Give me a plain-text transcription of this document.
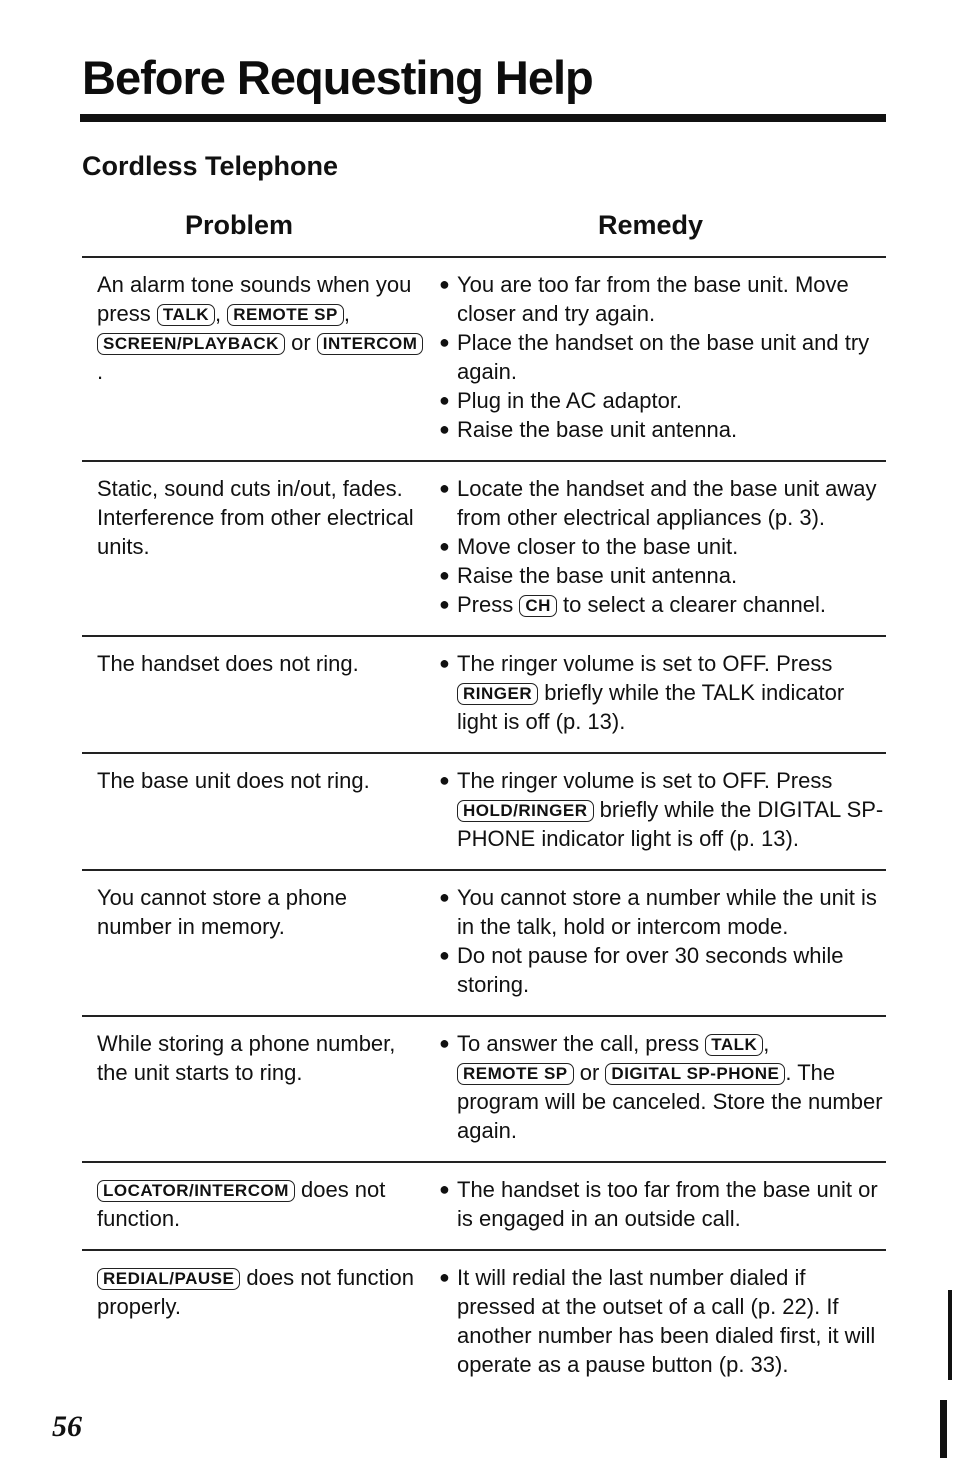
Before Requesting Help
Cordless Telephone
Problem	Remedy
An alarm tone sounds when you press TALK , REMOTE SP , SCREEN/PLAYBACK or INTERCOM.
● You are too far from the base unit. Move closer and try again.
● Place the handset on the base unit and try again.
● Plug in the AC adaptor.
● Raise the base unit antenna.
Static, sound cuts in/out, fades. Interference from other electrical units.
● Locate the handset and the base unit away from other electrical appliances (p. 3).
● Move closer to the base unit.
● Raise the base unit antenna.
● Press CH to select a clearer channel.
The handset does not ring.	● The ringer volume is set to OFF. Press RINGER briefly while the TALK indicator light is off (p. 13).
The base unit does not ring.	● The ringer volume is set to OFF. Press HOLD/RINGER briefly while the DIGITAL SP-PHONE indicator light is off (p. 13).
You cannot store a phone number in memory.
● You cannot store a number while the unit is in the talk, hold or intercom mode.
● Do not pause for over 30 seconds while storing.
While storing a phone number, the unit starts to ring.
● To answer the call, press TALK , REMOTE SP or DIGITAL SP-PHONE . The program will be canceled. Store the number again.
LOCATOR/INTERCOM does not function.
● The handset is too far from the base unit or is engaged in an outside call.
REDIAL/PAUSE does not function properly.
● It will redial the last number dialed if pressed at the outset of a call (p. 22). If another number has been dialed first, it will operate as a pause button (p. 33).
56
